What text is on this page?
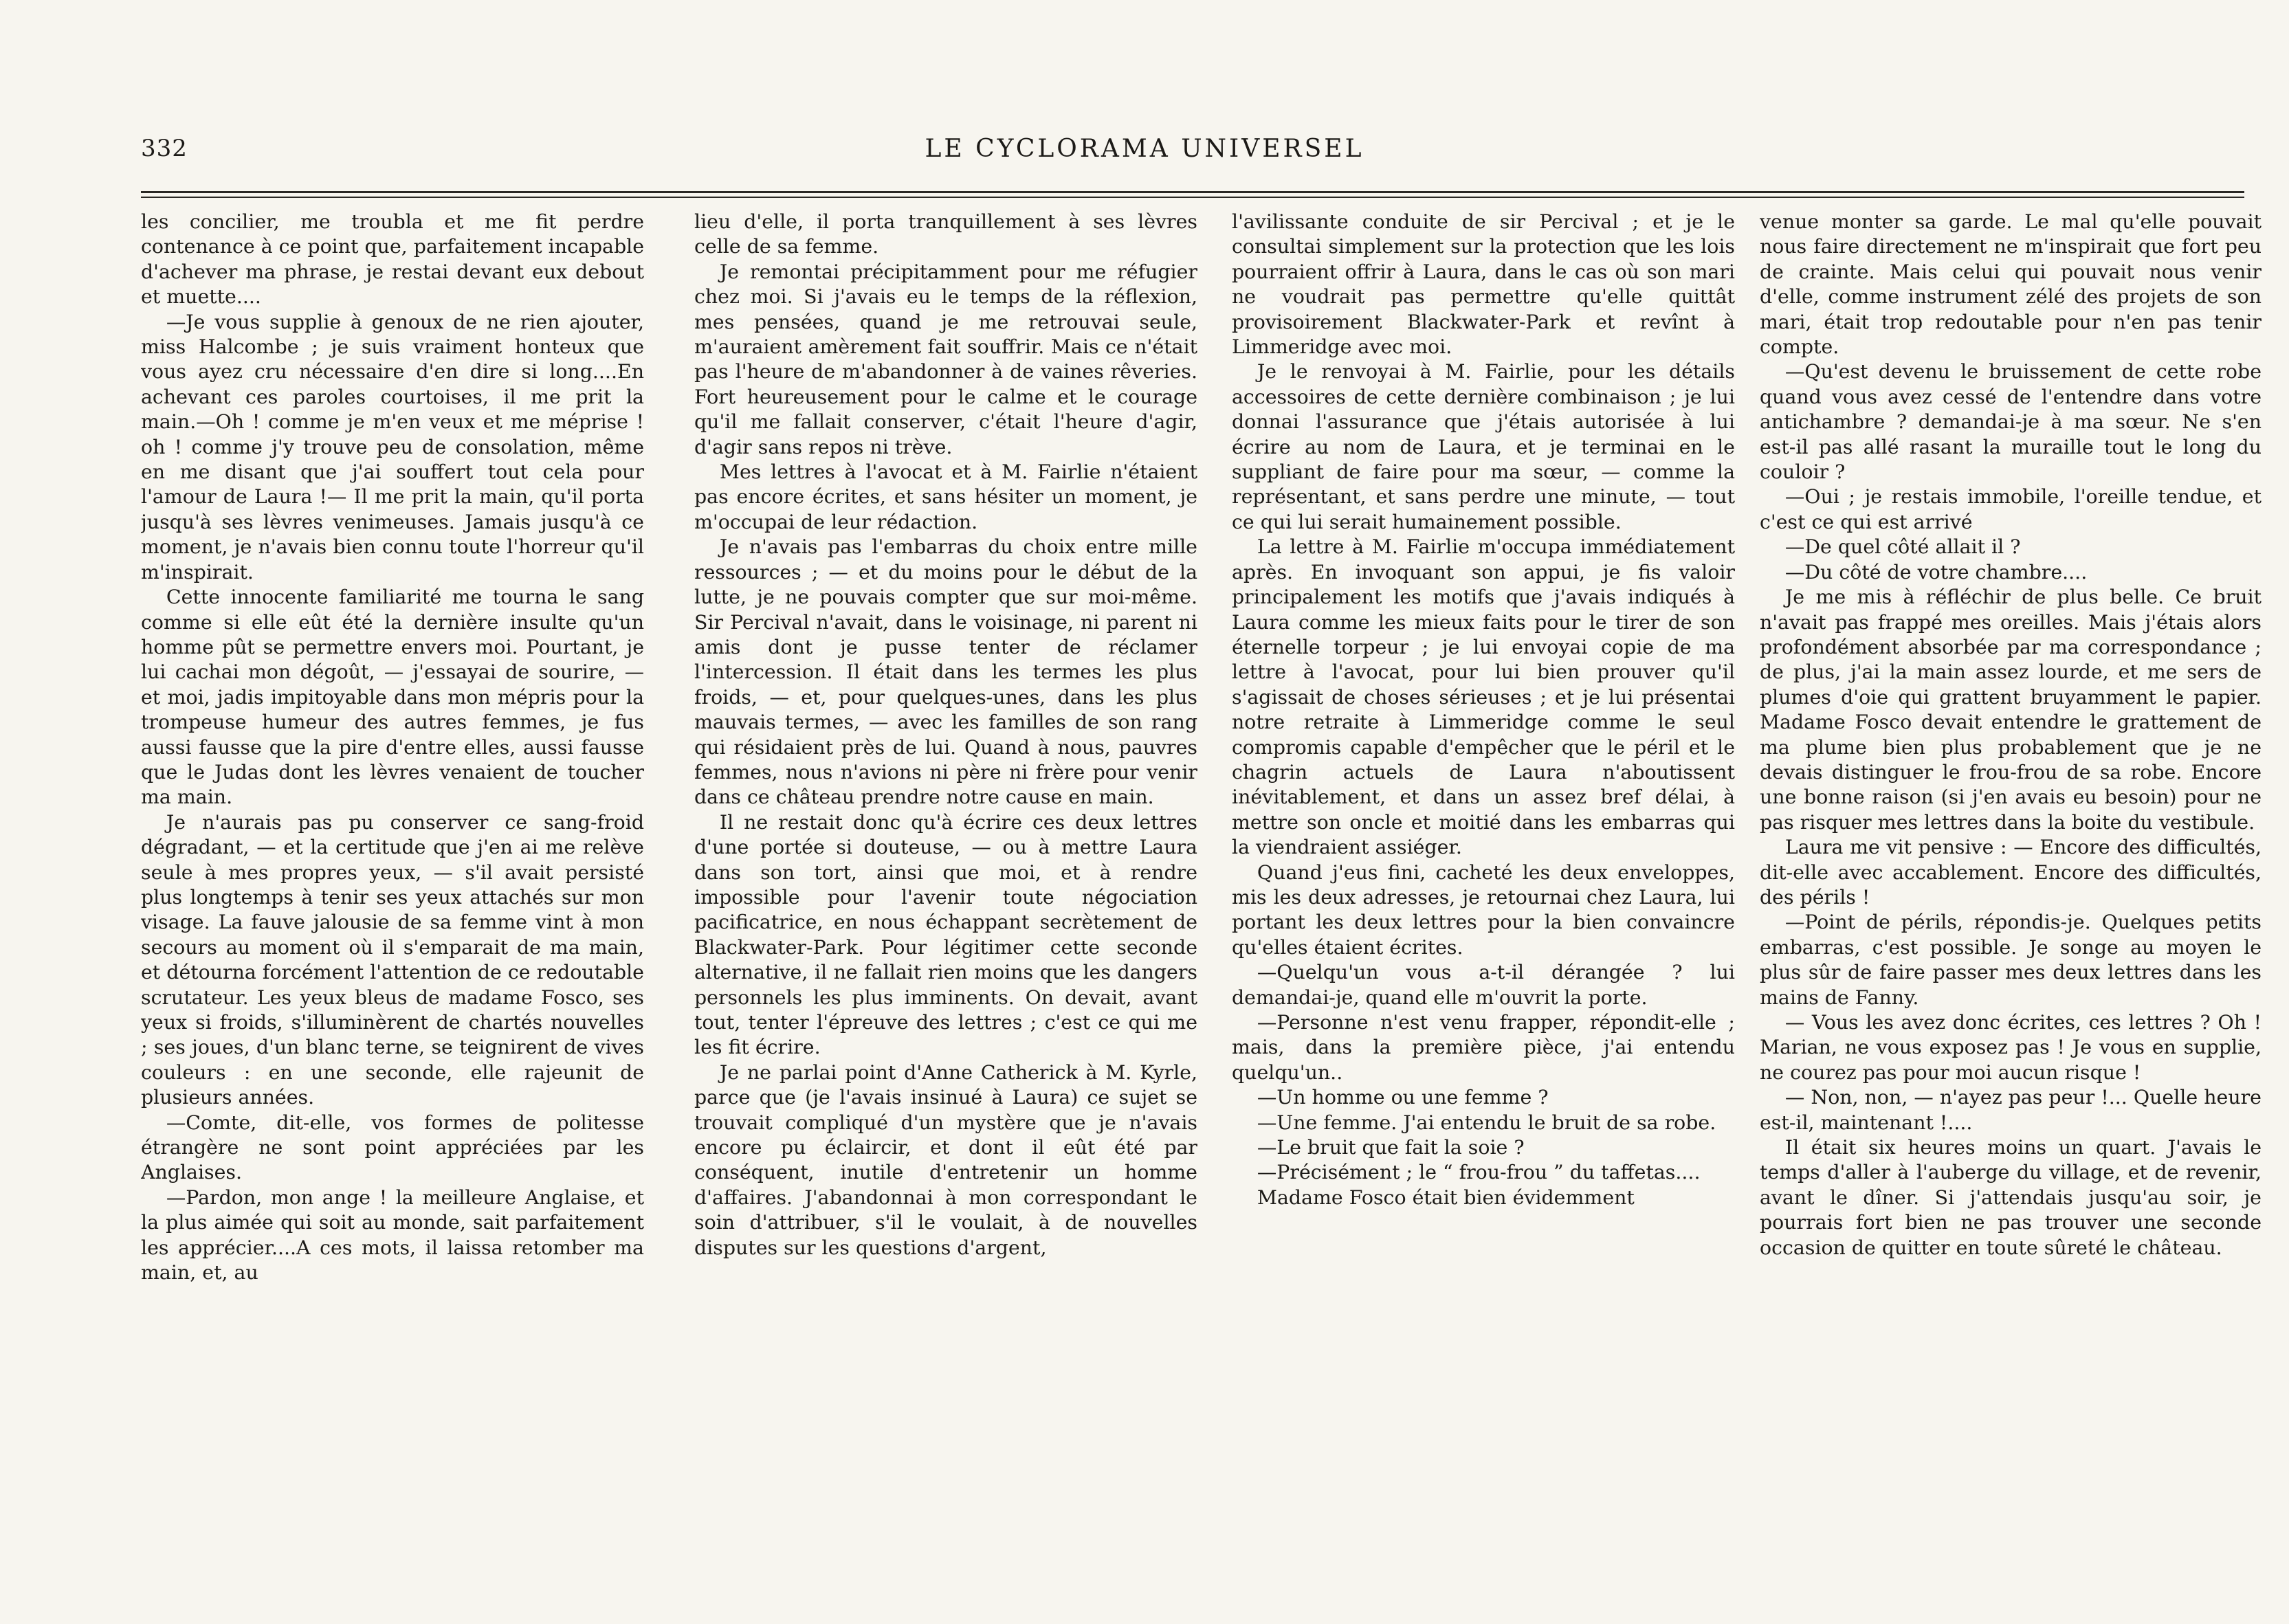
332	LE CYCLORAMA UNIVERSEL

les concilier, me troubla et me fit perdre contenance à ce point que, parfaitement incapable d'achever ma phrase, je restai devant eux debout et muette....

—Je vous supplie à genoux de ne rien ajouter, miss Halcombe ; je suis vraiment honteux que vous ayez cru nécessaire d'en dire si long....En achevant ces paroles courtoises, il me prit la main.—Oh ! comme je m'en veux et me méprise ! oh ! comme j'y trouve peu de consolation, même en me disant que j'ai souffert tout cela pour l'amour de Laura !— Il me prit la main, qu'il porta jusqu'à ses lèvres venimeuses. Jamais jusqu'à ce moment, je n'avais bien connu toute l'horreur qu'il m'inspirait.

Cette innocente familiarité me tourna le sang comme si elle eût été la dernière insulte qu'un homme pût se permettre envers moi. Pourtant, je lui cachai mon dégoût, — j'essayai de sourire, — et moi, jadis impitoyable dans mon mépris pour la trompeuse humeur des autres femmes, je fus aussi fausse que la pire d'entre elles, aussi fausse que le Judas dont les lèvres venaient de toucher ma main.

Je n'aurais pas pu conserver ce sang-froid dégradant, — et la certitude que j'en ai me relève seule à mes propres yeux, — s'il avait persisté plus longtemps à tenir ses yeux attachés sur mon visage. La fauve jalousie de sa femme vint à mon secours au moment où il s'emparait de ma main, et détourna forcément l'attention de ce redoutable scrutateur. Les yeux bleus de madame Fosco, ses yeux si froids, s'illuminèrent de chartés nouvelles ; ses joues, d'un blanc terne, se teignirent de vives couleurs : en une seconde, elle rajeunit de plusieurs années.

—Comte, dit-elle, vos formes de politesse étrangère ne sont point appréciées par les Anglaises.

—Pardon, mon ange ! la meilleure Anglaise, et la plus aimée qui soit au monde, sait parfaitement les apprécier....A ces mots, il laissa retomber ma main, et, au

lieu d'elle, il porta tranquillement à ses lèvres celle de sa femme.

Je remontai précipitamment pour me réfugier chez moi. Si j'avais eu le temps de la réflexion, mes pensées, quand je me retrouvai seule, m'auraient amèrement fait souffrir. Mais ce n'était pas l'heure de m'abandonner à de vaines rêveries. Fort heureusement pour le calme et le courage qu'il me fallait conserver, c'était l'heure d'agir, d'agir sans repos ni trève.

Mes lettres à l'avocat et à M. Fairlie n'étaient pas encore écrites, et sans hésiter un moment, je m'occupai de leur rédaction.

Je n'avais pas l'embarras du choix entre mille ressources ; — et du moins pour le début de la lutte, je ne pouvais compter que sur moi-même. Sir Percival n'avait, dans le voisinage, ni parent ni amis dont je pusse tenter de réclamer l'intercession. Il était dans les termes les plus froids, — et, pour quelques-unes, dans les plus mauvais termes, — avec les familles de son rang qui résidaient près de lui. Quand à nous, pauvres femmes, nous n'avions ni père ni frère pour venir dans ce château prendre notre cause en main.

Il ne restait donc qu'à écrire ces deux lettres d'une portée si douteuse, — ou à mettre Laura dans son tort, ainsi que moi, et à rendre impossible pour l'avenir toute négociation pacificatrice, en nous échappant secrètement de Blackwater-Park. Pour légitimer cette seconde alternative, il ne fallait rien moins que les dangers personnels les plus imminents. On devait, avant tout, tenter l'épreuve des lettres ; c'est ce qui me les fit écrire.

Je ne parlai point d'Anne Catherick à M. Kyrle, parce que (je l'avais insinué à Laura) ce sujet se trouvait compliqué d'un mystère que je n'avais encore pu éclaircir, et dont il eût été par conséquent, inutile d'entretenir un homme d'affaires. J'abandonnai à mon correspondant le soin d'attribuer, s'il le voulait, à de nouvelles disputes sur les questions d'argent,

l'avilissante conduite de sir Percival ; et je le consultai simplement sur la protection que les lois pourraient offrir à Laura, dans le cas où son mari ne voudrait pas permettre qu'elle quittât provisoirement Blackwater-Park et revînt à Limmeridge avec moi.

Je le renvoyai à M. Fairlie, pour les détails accessoires de cette dernière combinaison ; je lui donnai l'assurance que j'étais autorisée à lui écrire au nom de Laura, et je terminai en le suppliant de faire pour ma sœur, — comme la représentant, et sans perdre une minute, — tout ce qui lui serait humainement possible.

La lettre à M. Fairlie m'occupa immédiatement après. En invoquant son appui, je fis valoir principalement les motifs que j'avais indiqués à Laura comme les mieux faits pour le tirer de son éternelle torpeur ; je lui envoyai copie de ma lettre à l'avocat, pour lui bien prouver qu'il s'agissait de choses sérieuses ; et je lui présentai notre retraite à Limmeridge comme le seul compromis capable d'empêcher que le péril et le chagrin actuels de Laura n'aboutissent inévitablement, et dans un assez bref délai, à mettre son oncle et moitié dans les embarras qui la viendraient assiéger.

Quand j'eus fini, cacheté les deux enveloppes, mis les deux adresses, je retournai chez Laura, lui portant les deux lettres pour la bien convaincre qu'elles étaient écrites.

—Quelqu'un vous a-t-il dérangée ? lui demandai-je, quand elle m'ouvrit la porte.

—Personne n'est venu frapper, répondit-elle ; mais, dans la première pièce, j'ai entendu quelqu'un..

—Un homme ou une femme ?

—Une femme. J'ai entendu le bruit de sa robe.

—Le bruit que fait la soie ?

—Précisément ; le “ frou-frou ” du taffetas....

Madame Fosco était bien évidemment

venue monter sa garde. Le mal qu'elle pouvait nous faire directement ne m'inspirait que fort peu de crainte. Mais celui qui pouvait nous venir d'elle, comme instrument zélé des projets de son mari, était trop redoutable pour n'en pas tenir compte.

—Qu'est devenu le bruissement de cette robe quand vous avez cessé de l'entendre dans votre antichambre ? demandai-je à ma sœur. Ne s'en est-il pas allé rasant la muraille tout le long du couloir ?

—Oui ; je restais immobile, l'oreille tendue, et c'est ce qui est arrivé

—De quel côté allait il ?

—Du côté de votre chambre....

Je me mis à réfléchir de plus belle. Ce bruit n'avait pas frappé mes oreilles. Mais j'étais alors profondément absorbée par ma correspondance ; de plus, j'ai la main assez lourde, et me sers de plumes d'oie qui grattent bruyamment le papier. Madame Fosco devait entendre le grattement de ma plume bien plus probablement que je ne devais distinguer le frou-frou de sa robe. Encore une bonne raison (si j'en avais eu besoin) pour ne pas risquer mes lettres dans la boite du vestibule.

Laura me vit pensive : — Encore des difficultés, dit-elle avec accablement. Encore des difficultés, des périls !

—Point de périls, répondis-je. Quelques petits embarras, c'est possible. Je songe au moyen le plus sûr de faire passer mes deux lettres dans les mains de Fanny.

— Vous les avez donc écrites, ces lettres ? Oh ! Marian, ne vous exposez pas ! Je vous en supplie, ne courez pas pour moi aucun risque !

— Non, non, — n'ayez pas peur !... Quelle heure est-il, maintenant !....

Il était six heures moins un quart. J'avais le temps d'aller à l'auberge du village, et de revenir, avant le dîner. Si j'attendais jusqu'au soir, je pourrais fort bien ne pas trouver une seconde occasion de quitter en toute sûreté le château.
